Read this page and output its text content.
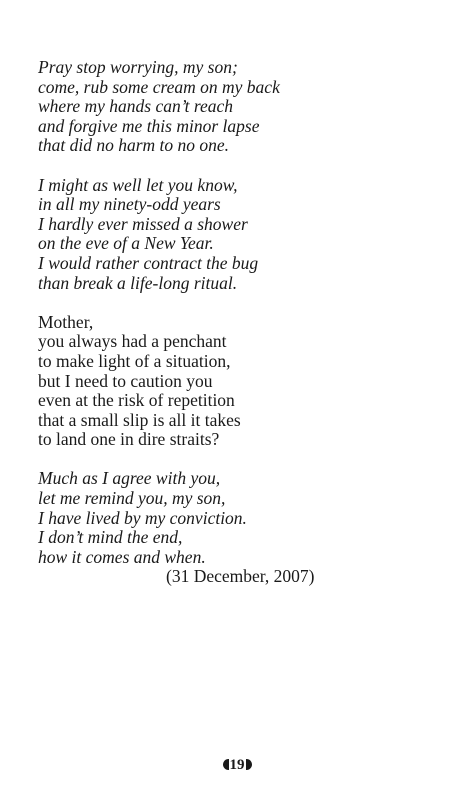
Pray stop worrying, my son;
come, rub some cream on my back
where my hands can’t reach
and forgive me this minor lapse
that did no harm to no one.
I might as well let you know,
in all my ninety-odd years
I hardly ever missed a shower
on the eve of a New Year.
I would rather contract the bug
than break a life-long ritual.
Mother,
you always had a penchant
to make light of a situation,
but I need to caution you
even at the risk of repetition
that a small slip is all it takes
to land one in dire straits?
Much as I agree with you,
let me remind you, my son,
I have lived by my conviction.
I don’t mind the end,
how it comes and when.
(31 December, 2007)
19
